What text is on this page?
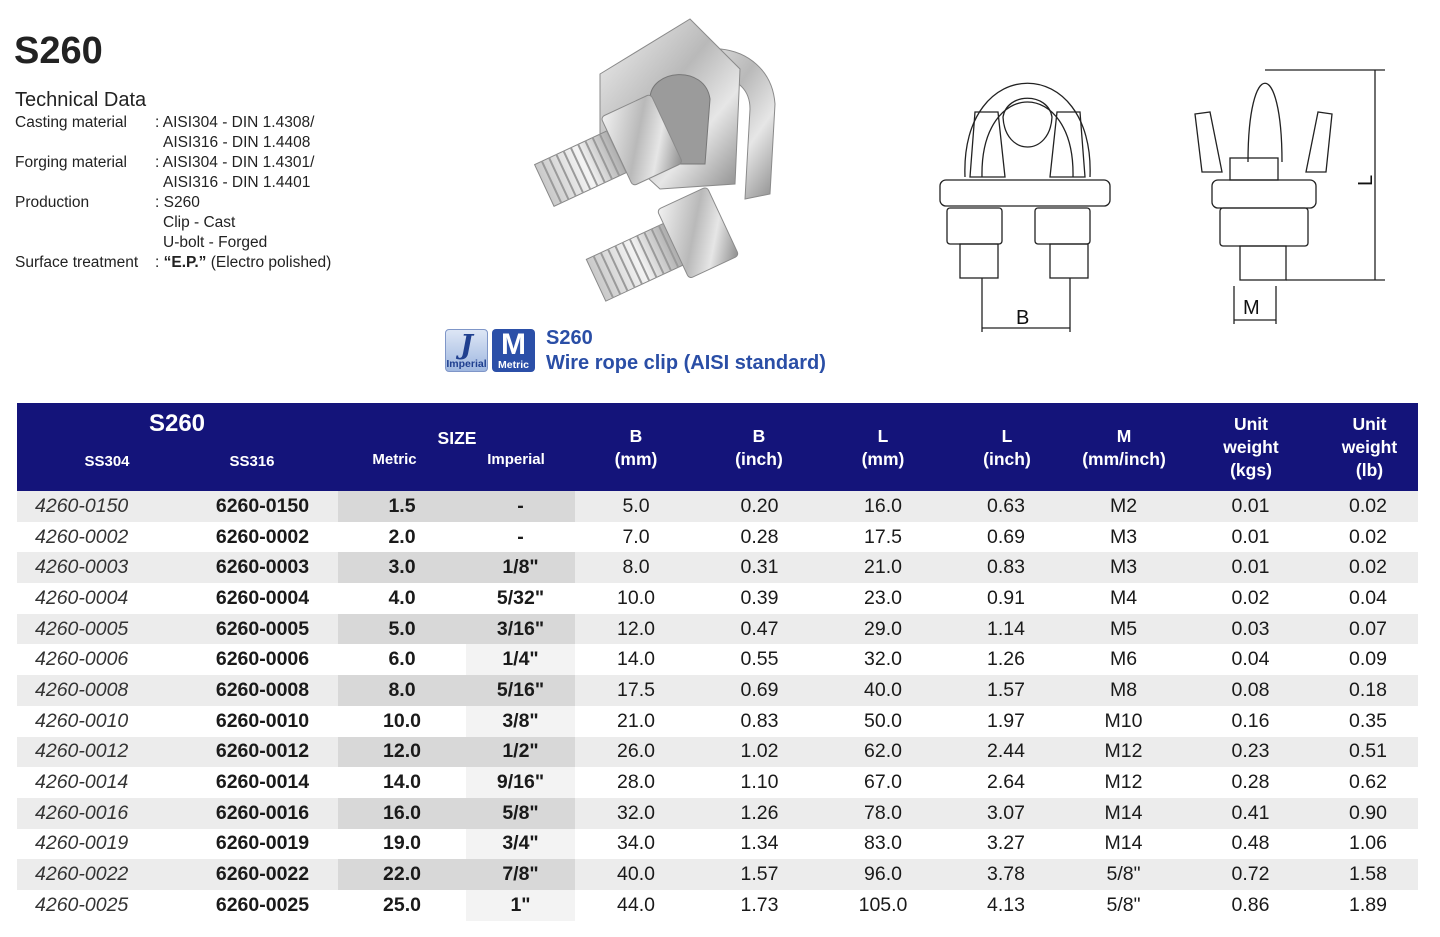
S260
Technical Data
Casting material	: AISI304 - DIN 1.4308/
AISI316 - DIN 1.4408
Forging material	: AISI304 - DIN 1.4301/
AISI316 - DIN 1.4401
Production	: S260
Clip - Cast
U-bolt - Forged
Surface treatment	: “E.P.” (Electro polished)
B	M
L
J
Imperial
M
Metric
S260
Wire rope clip (AISI standard)
S260
SS304	SS316
SIZE
Metric	Imperial
B
(mm)
B
(inch)
L
(mm)
L
(inch)
M
(mm/inch)
Unit
weight
(kgs)
Unit
weight
(lb)
4260-0150	6260-0150	1.5	-	5.0	0.20	16.0	0.63	M2	0.01	0.02
4260-0002	6260-0002	2.0	-	7.0	0.28	17.5	0.69	M3	0.01	0.02
4260-0003	6260-0003	3.0	1/8"	8.0	0.31	21.0	0.83	M3	0.01	0.02
4260-0004	6260-0004	4.0	5/32"	10.0	0.39	23.0	0.91	M4	0.02	0.04
4260-0005	6260-0005	5.0	3/16"	12.0	0.47	29.0	1.14	M5	0.03	0.07
4260-0006	6260-0006	6.0	1/4"	14.0	0.55	32.0	1.26	M6	0.04	0.09
4260-0008	6260-0008	8.0	5/16"	17.5	0.69	40.0	1.57	M8	0.08	0.18
4260-0010	6260-0010	10.0	3/8"	21.0	0.83	50.0	1.97	M10	0.16	0.35
4260-0012	6260-0012	12.0	1/2"	26.0	1.02	62.0	2.44	M12	0.23	0.51
4260-0014	6260-0014	14.0	9/16"	28.0	1.10	67.0	2.64	M12	0.28	0.62
4260-0016	6260-0016	16.0	5/8"	32.0	1.26	78.0	3.07	M14	0.41	0.90
4260-0019	6260-0019	19.0	3/4"	34.0	1.34	83.0	3.27	M14	0.48	1.06
4260-0022	6260-0022	22.0	7/8"	40.0	1.57	96.0	3.78	5/8"	0.72	1.58
4260-0025	6260-0025	25.0	1"	44.0	1.73	105.0	4.13	5/8"	0.86	1.89
